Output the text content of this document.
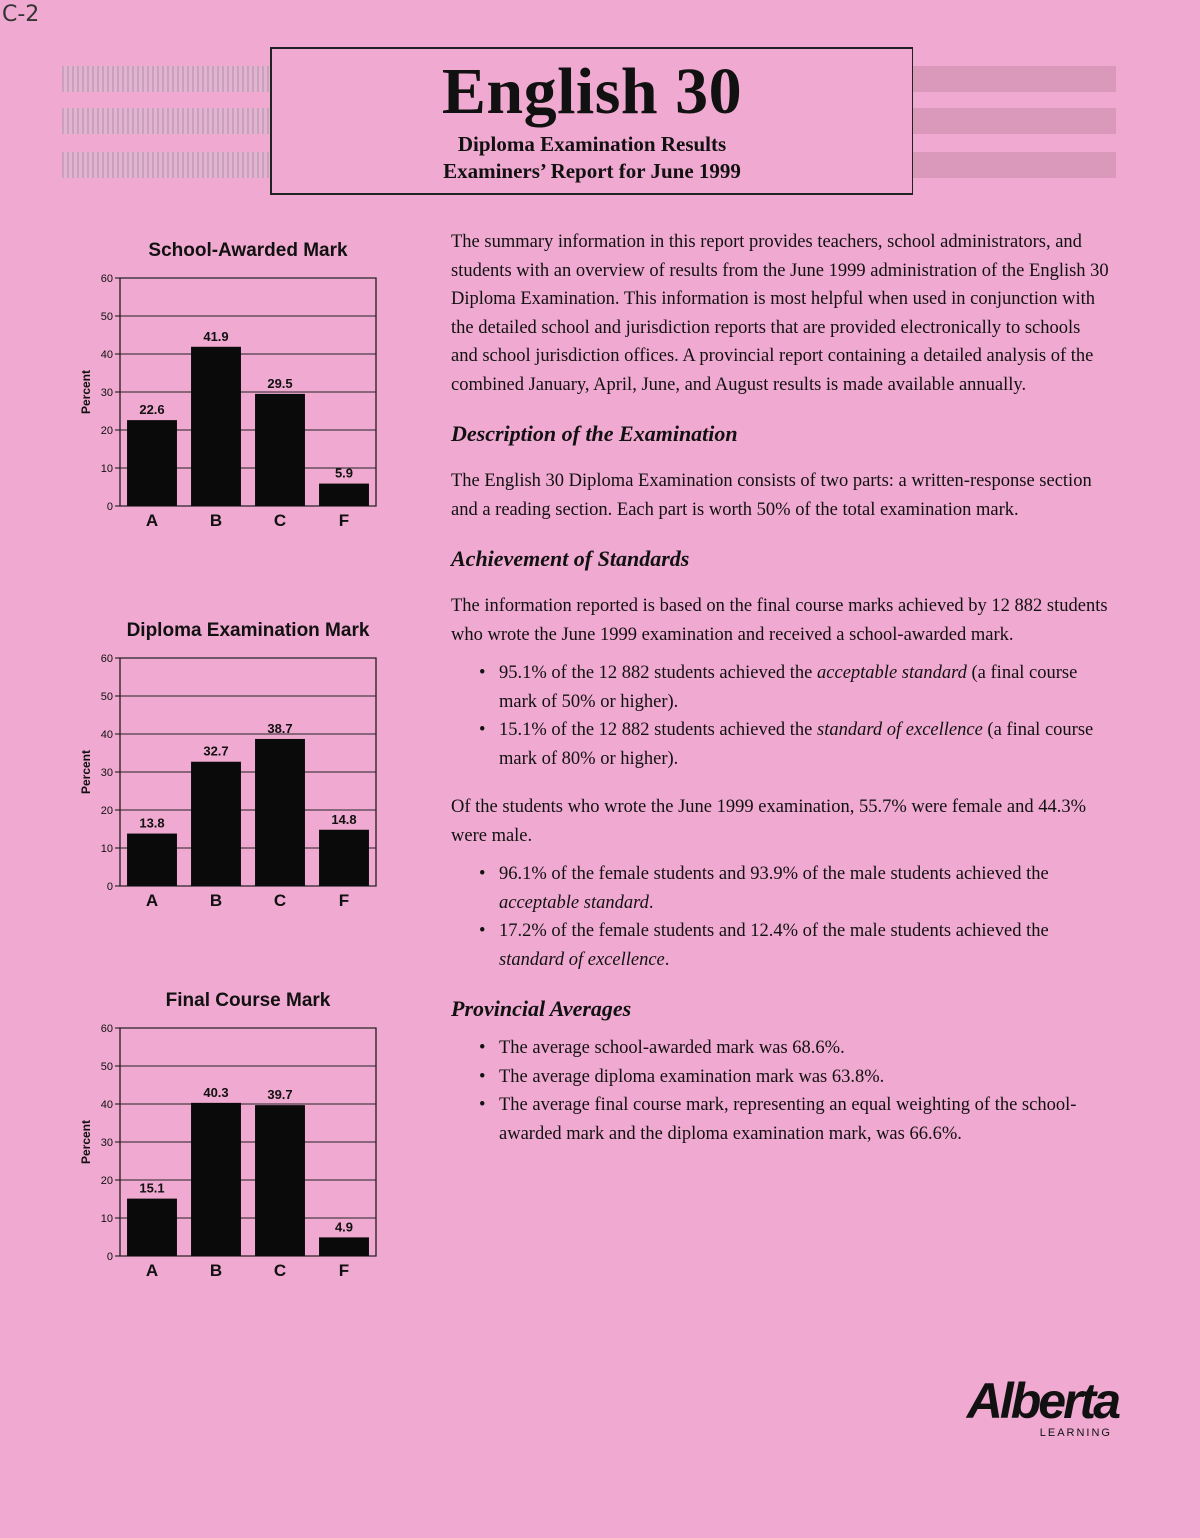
C-2
English 30
Diploma Examination Results
Examiners’ Report for June 1999
School-Awarded Mark
0
10
20
30
40
50
60
Percent	22.6
A
41.9
B
29.5
C
5.9
F
Diploma Examination Mark
0
10
20
30
40
50
60
Percent
13.8
A
32.7
B
38.7
C
14.8
F
Final Course Mark
0
10
20
30
40
50
60
Percent
15.1
A
40.3
B
39.7
C
4.9
F

The summary information in this report provides teachers, school administrators, and students with an overview of results from the June 1999 administration of the English 30 Diploma Examination. This information is most helpful when used in conjunction with the detailed school and jurisdiction reports that are provided electronically to schools and school jurisdiction offices. A provincial report containing a detailed analysis of the combined January, April, June, and August results is made available annually.

Description of the Examination

The English 30 Diploma Examination consists of two parts: a written-response section and a reading section. Each part is worth 50% of the total examination mark.

Achievement of Standards

The information reported is based on the final course marks achieved by 12 882 students who wrote the June 1999 examination and received a school-awarded mark.

• 95.1% of the 12 882 students achieved the acceptable standard (a final course mark of 50% or higher).
• 15.1% of the 12 882 students achieved the standard of excellence (a final course mark of 80% or higher).

Of the students who wrote the June 1999 examination, 55.7% were female and 44.3% were male.

• 96.1% of the female students and 93.9% of the male students achieved the acceptable standard.
• 17.2% of the female students and 12.4% of the male students achieved the standard of excellence.
Provincial Averages
• The average school-awarded mark was 68.6%.
• The average diploma examination mark was 63.8%.
• The average final course mark, representing an equal weighting of the school-awarded mark and the diploma examination mark, was 66.6%.
Alberta
LEARNING
